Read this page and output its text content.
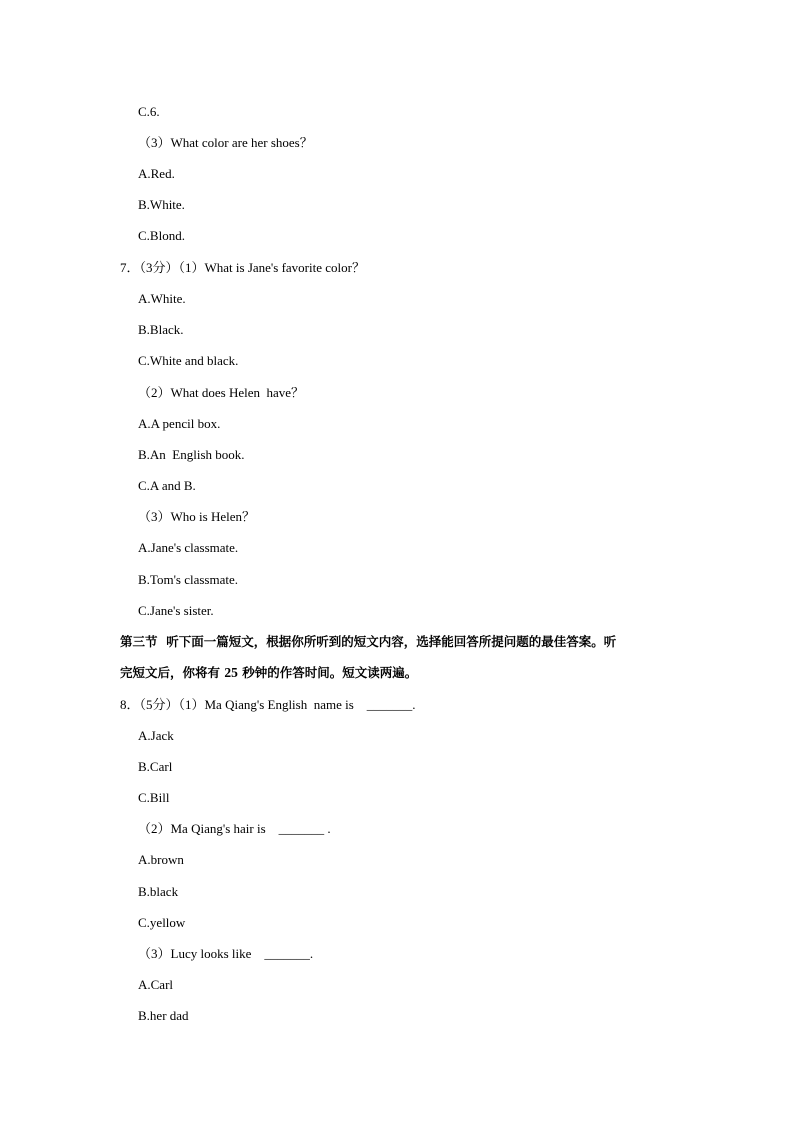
C.6.
（3）What color are her shoes？
A.Red.
B.White.
C.Blond.
7．（3分）（1）What is Jane's favorite color？
A.White.
B.Black.
C.White and black.
（2）What does Helen  have？
A.A pencil box.
B.An  English book.
C.A and B.
（3）Who is Helen？
A.Jane's classmate.
B.Tom's classmate.
C.Jane's sister.
第三节  听下面一篇短文，根据你所听到的短文内容，选择能回答所提问题的最佳答案。听
完短文后，你将有 25 秒钟的作答时间。短文读两遍。
8．（5分）（1）Ma Qiang's English  name is    _______.
A.Jack
B.Carl
C.Bill
（2）Ma Qiang's hair is    _______ .
A.brown
B.black
C.yellow
（3）Lucy looks like    _______.
A.Carl
B.her dad
